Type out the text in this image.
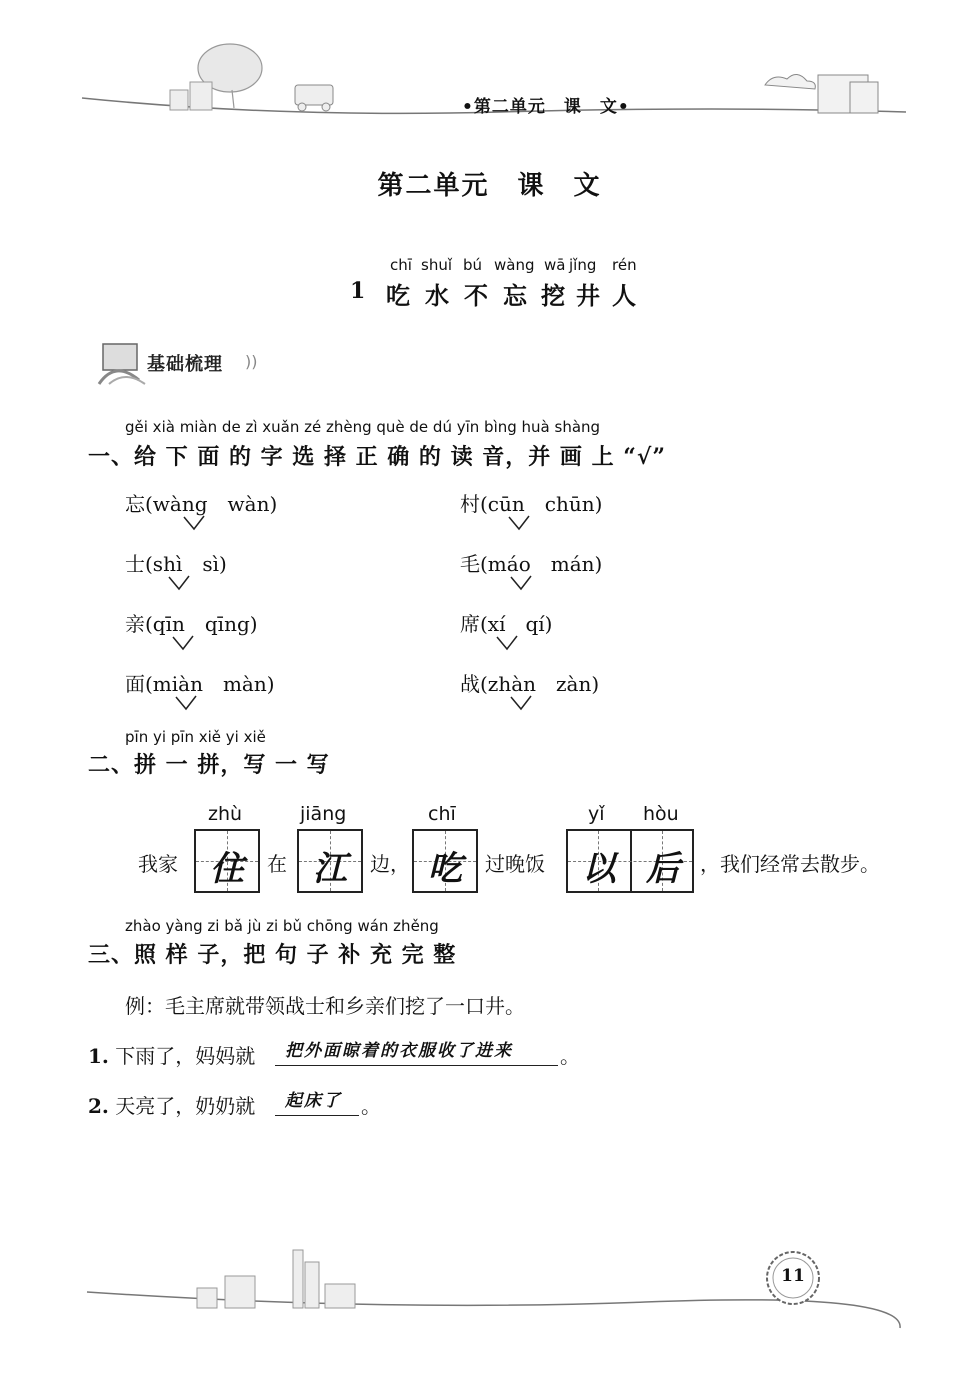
•第二单元　课　文•
第二单元　课　文
1
chī shuǐ bú wàng wā jǐng rén
吃 水 不 忘 挖 井 人
基础梳理 ))
gěi xià miàn de zì xuǎn zé zhèng què de dú yīn bìng huà shàng
一、给 下 面 的 字 选 择 正 确 的 读 音，并 画 上 “√”
忘(wàng　wàn)	村(cūn　chūn)
士(shì　sì)	毛(máo　mán)
亲(qīn　qīng)	席(xí　qí)
面(miàn　màn)	战(zhàn　zàn)
pīn yi pīn xiě yi xiě
二、拼 一 拼，写 一 写
zhù	jiāng	chī	yǐ hòu
我家 住 在 江 边， 吃 过晚饭 以 后 ，我们经常去散步。
zhào yàng zi bǎ jù zi bǔ chōng wán zhěng
三、照 样 子，把 句 子 补 充 完 整
例：毛主席就带领战士和乡亲们挖了一口井。
1. 下雨了，妈妈就	把外面晾着的衣服收了进来	。
2. 天亮了，奶奶就	起床了 。
11
